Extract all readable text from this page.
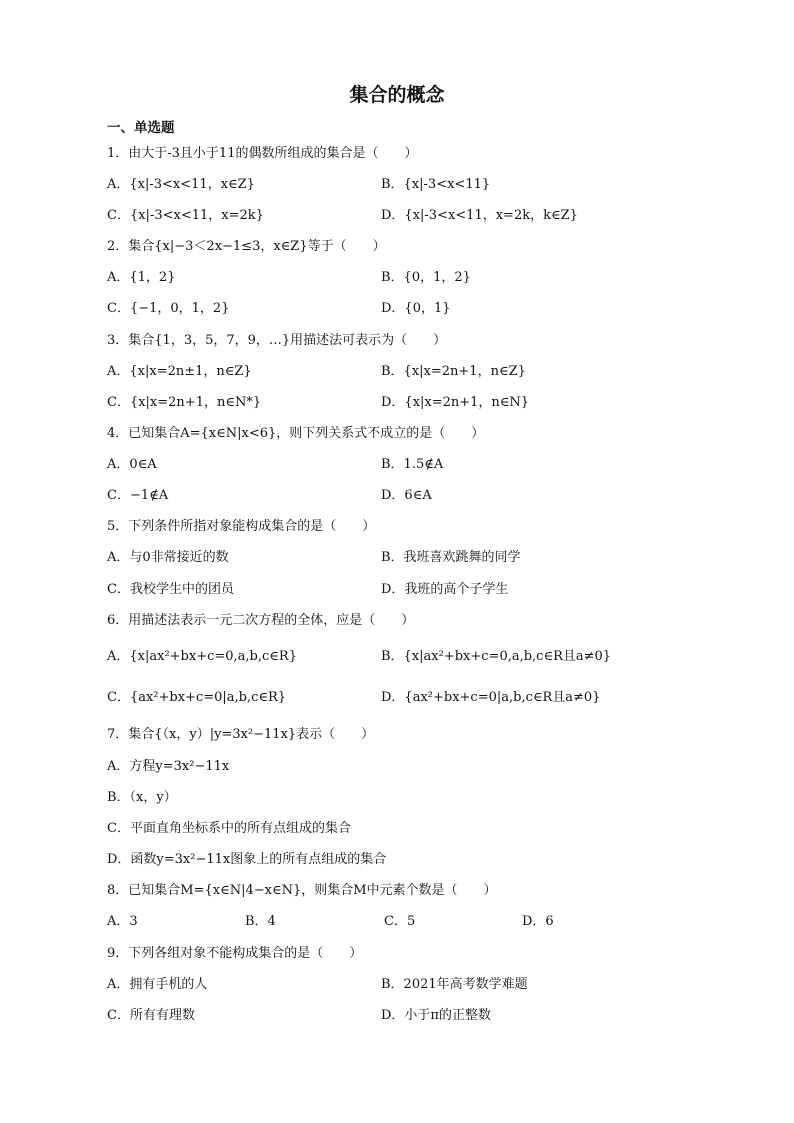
集合的概念
一、单选题
1．由大于-3且小于11的偶数所组成的集合是（　　）
A．{x|-3<x<11，x∈Z}	B．{x|-3<x<11}
C．{x|-3<x<11，x=2k}	D．{x|-3<x<11，x=2k，k∈Z}
2．集合{x|−3＜2x−1≤3，x∈Z}等于（　　）
A．{1，2}	B．{0，1，2}
C．{−1，0，1，2}	D．{0，1}
3．集合{1，3，5，7，9，…}用描述法可表示为（　　）
A．{x|x=2n±1，n∈Z}	B．{x|x=2n+1，n∈Z}
C．{x|x=2n+1，n∈N*}	D．{x|x=2n+1，n∈N}
4．已知集合A={x∈N|x<6}，则下列关系式不成立的是（　　）
A．0∈A	B．1.5∉A
C．−1∉A	D．6∈A
5．下列条件所指对象能构成集合的是（　　）
A．与0非常接近的数	B．我班喜欢跳舞的同学
C．我校学生中的团员	D．我班的高个子学生
6．用描述法表示一元二次方程的全体，应是（　　）
A．{x|ax²+bx+c=0,a,b,c∈R}	B．{x|ax²+bx+c=0,a,b,c∈R且a≠0}
C．{ax²+bx+c=0|a,b,c∈R}	D．{ax²+bx+c=0|a,b,c∈R且a≠0}
7．集合{（x，y）|y=3x²−11x}表示（　　）
A．方程y=3x²−11x
B．（x，y）
C．平面直角坐标系中的所有点组成的集合
D．函数y=3x²−11x图象上的所有点组成的集合
8．已知集合M={x∈N|4−x∈N}，则集合M中元素个数是（　　）
A．3	B．4	C．5	D．6
9．下列各组对象不能构成集合的是（　　）
A．拥有手机的人	B．2021年高考数学难题
C．所有有理数	D．小于π的正整数
